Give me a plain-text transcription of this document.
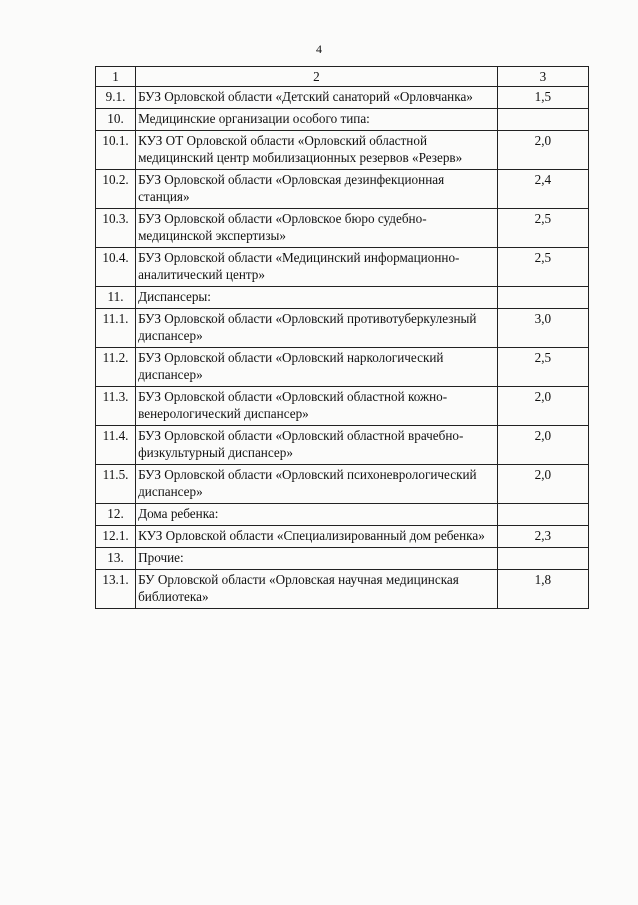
4
1	2	3
9.1.	БУЗ Орловской области «Детский санаторий «Орловчанка»	1,5
10.	Медицинские организации особого типа:	
10.1.	КУЗ ОТ Орловской области «Орловский областной медицинский центр мобилизационных резервов «Резерв»	2,0
10.2.	БУЗ Орловской области «Орловская дезинфекционная станция»	2,4
10.3.	БУЗ Орловской области «Орловское бюро судебно-медицинской экспертизы»	2,5
10.4.	БУЗ Орловской области «Медицинский информационно-аналитический центр»	2,5
11.	Диспансеры:	
11.1.	БУЗ Орловской области «Орловский противотуберкулезный диспансер»	3,0
11.2.	БУЗ Орловской области «Орловский наркологический диспансер»	2,5
11.3.	БУЗ Орловской области «Орловский областной кожно-венерологический диспансер»	2,0
11.4.	БУЗ Орловской области «Орловский областной врачебно-физкультурный диспансер»	2,0
11.5.	БУЗ Орловской области «Орловский психоневрологический диспансер»	2,0
12.	Дома ребенка:	
12.1.	КУЗ Орловской области «Специализированный дом ребенка»	2,3
13.	Прочие:	
13.1.	БУ Орловской области «Орловская научная медицинская библиотека»	1,8
